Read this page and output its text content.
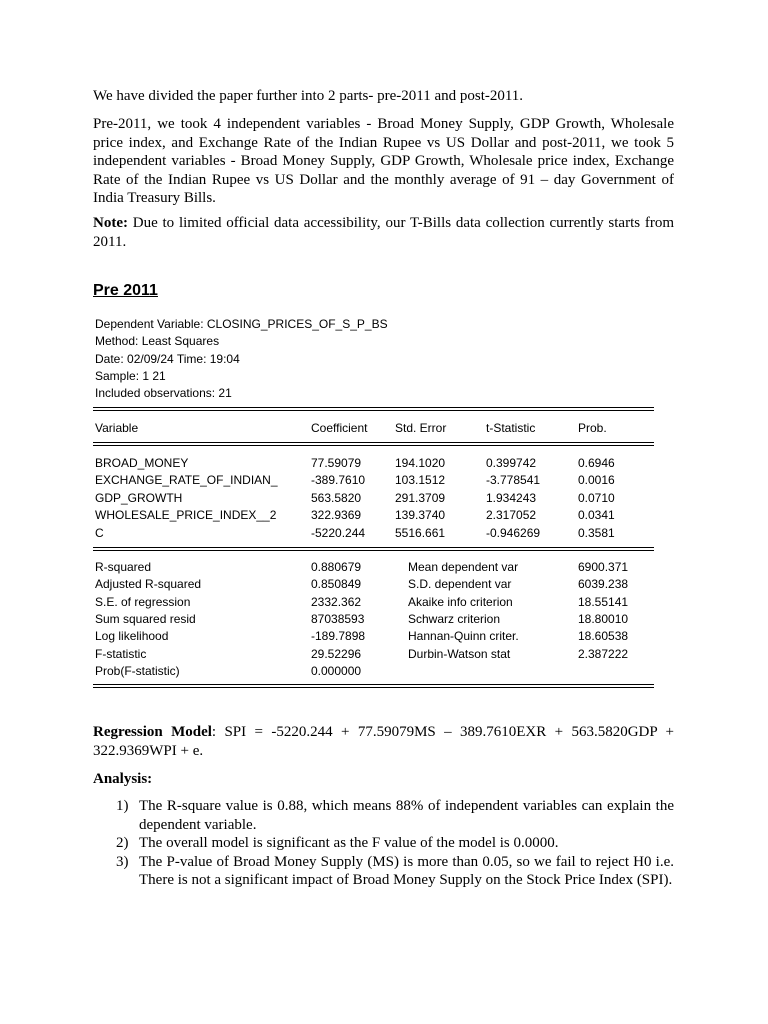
We have divided the paper further into 2 parts- pre-2011 and post-2011.

Pre-2011, we took 4 independent variables - Broad Money Supply, GDP Growth, Wholesale price index, and Exchange Rate of the Indian Rupee vs US Dollar and post-2011, we took 5 independent variables - Broad Money Supply, GDP Growth, Wholesale price index, Exchange Rate of the Indian Rupee vs US Dollar and the monthly average of 91 – day Government of India Treasury Bills.

Note: Due to limited official data accessibility, our T-Bills data collection currently starts from 2011.

Pre 2011
Dependent Variable: CLOSING_PRICES_OF_S_P_BS
Method: Least Squares
Date: 02/09/24 Time: 19:04
Sample: 1 21
Included observations: 21
Variable	Coefficient Std. Error	t-Statistic	Prob.
BROAD_MONEY	77.59079	194.1020	0.399742	0.6946
EXCHANGE_RATE_OF_INDIAN_	-389.7610 103.1512	-3.778541	0.0016
GDP_GROWTH	563.5820	291.3709	1.934243	0.0710
WHOLESALE_PRICE_INDEX__2	322.9369	139.3740	2.317052	0.0341
C	-5220.244 5516.661	-0.946269	0.3581
R-squared	0.880679	Mean dependent var	6900.371
Adjusted R-squared	0.850849	S.D. dependent var	6039.238
S.E. of regression	2332.362	Akaike info criterion	18.55141
Sum squared resid	87038593	Schwarz criterion	18.80010
Log likelihood	-189.7898	Hannan-Quinn criter.	18.60538
F-statistic	29.52296	Durbin-Watson stat	2.387222
Prob(F-statistic)	0.000000

Regression Model: SPI = -5220.244 + 77.59079MS – 389.7610EXR + 563.5820GDP + 322.9369WPI + e.

Analysis:

1) The R-square value is 0.88, which means 88% of independent variables can explain the dependent variable.
2) The overall model is significant as the F value of the model is 0.0000.
3) The P-value of Broad Money Supply (MS) is more than 0.05, so we fail to reject H0 i.e. There is not a significant impact of Broad Money Supply on the Stock Price Index (SPI).
